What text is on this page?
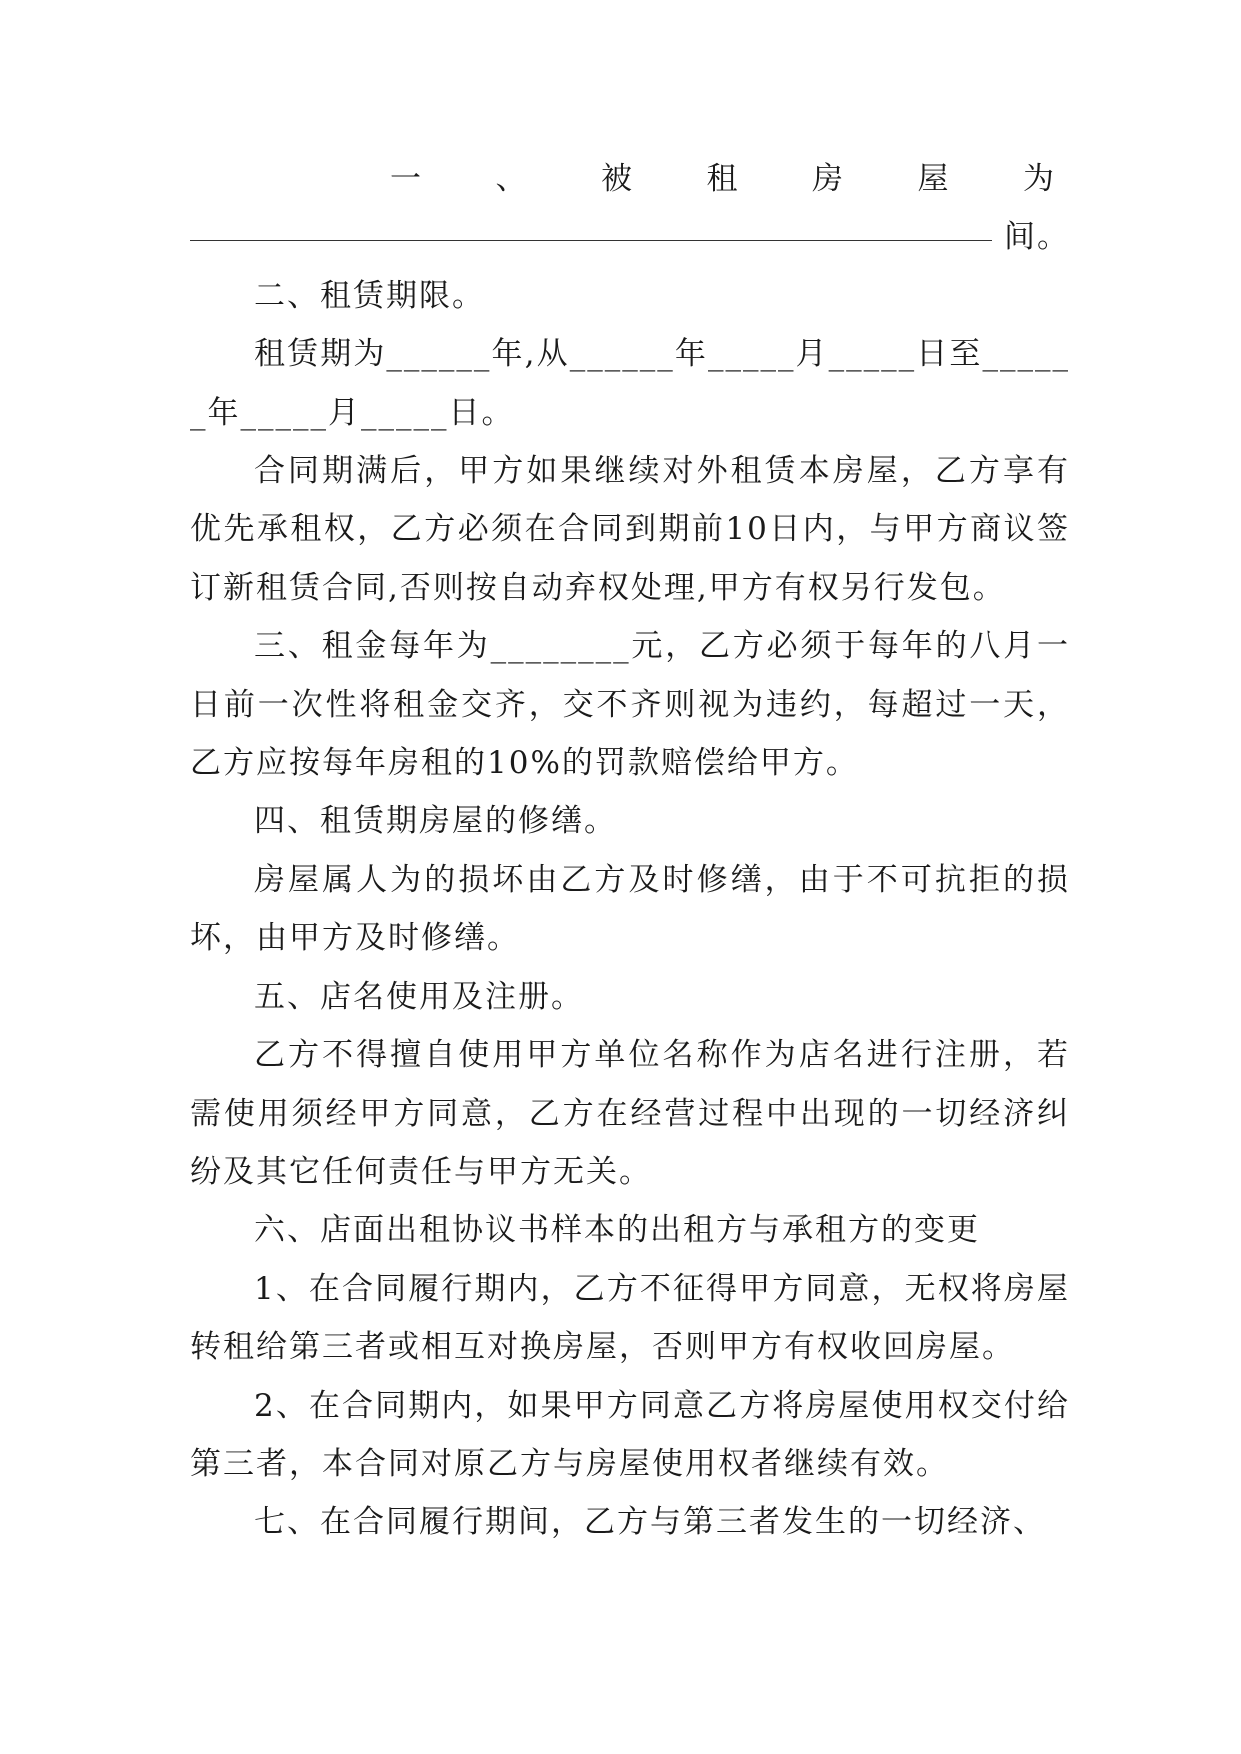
一 、 被 租 房 屋 为

间。

二、租赁期限。

租赁期为______年,从______年_____月_____日至______年_____月_____日。

合同期满后，甲方如果继续对外租赁本房屋，乙方享有优先承租权，乙方必须在合同到期前10日内，与甲方商议签订新租赁合同,否则按自动弃权处理,甲方有权另行发包。

三、租金每年为________元，乙方必须于每年的八月一日前一次性将租金交齐，交不齐则视为违约，每超过一天，乙方应按每年房租的10%的罚款赔偿给甲方。

四、租赁期房屋的修缮。

房屋属人为的损坏由乙方及时修缮，由于不可抗拒的损坏，由甲方及时修缮。

五、店名使用及注册。

乙方不得擅自使用甲方单位名称作为店名进行注册，若需使用须经甲方同意，乙方在经营过程中出现的一切经济纠纷及其它任何责任与甲方无关。

六、店面出租协议书样本的出租方与承租方的变更

1、在合同履行期内，乙方不征得甲方同意，无权将房屋转租给第三者或相互对换房屋，否则甲方有权收回房屋。

2、在合同期内，如果甲方同意乙方将房屋使用权交付给第三者，本合同对原乙方与房屋使用权者继续有效。

七、在合同履行期间，乙方与第三者发生的一切经济、
